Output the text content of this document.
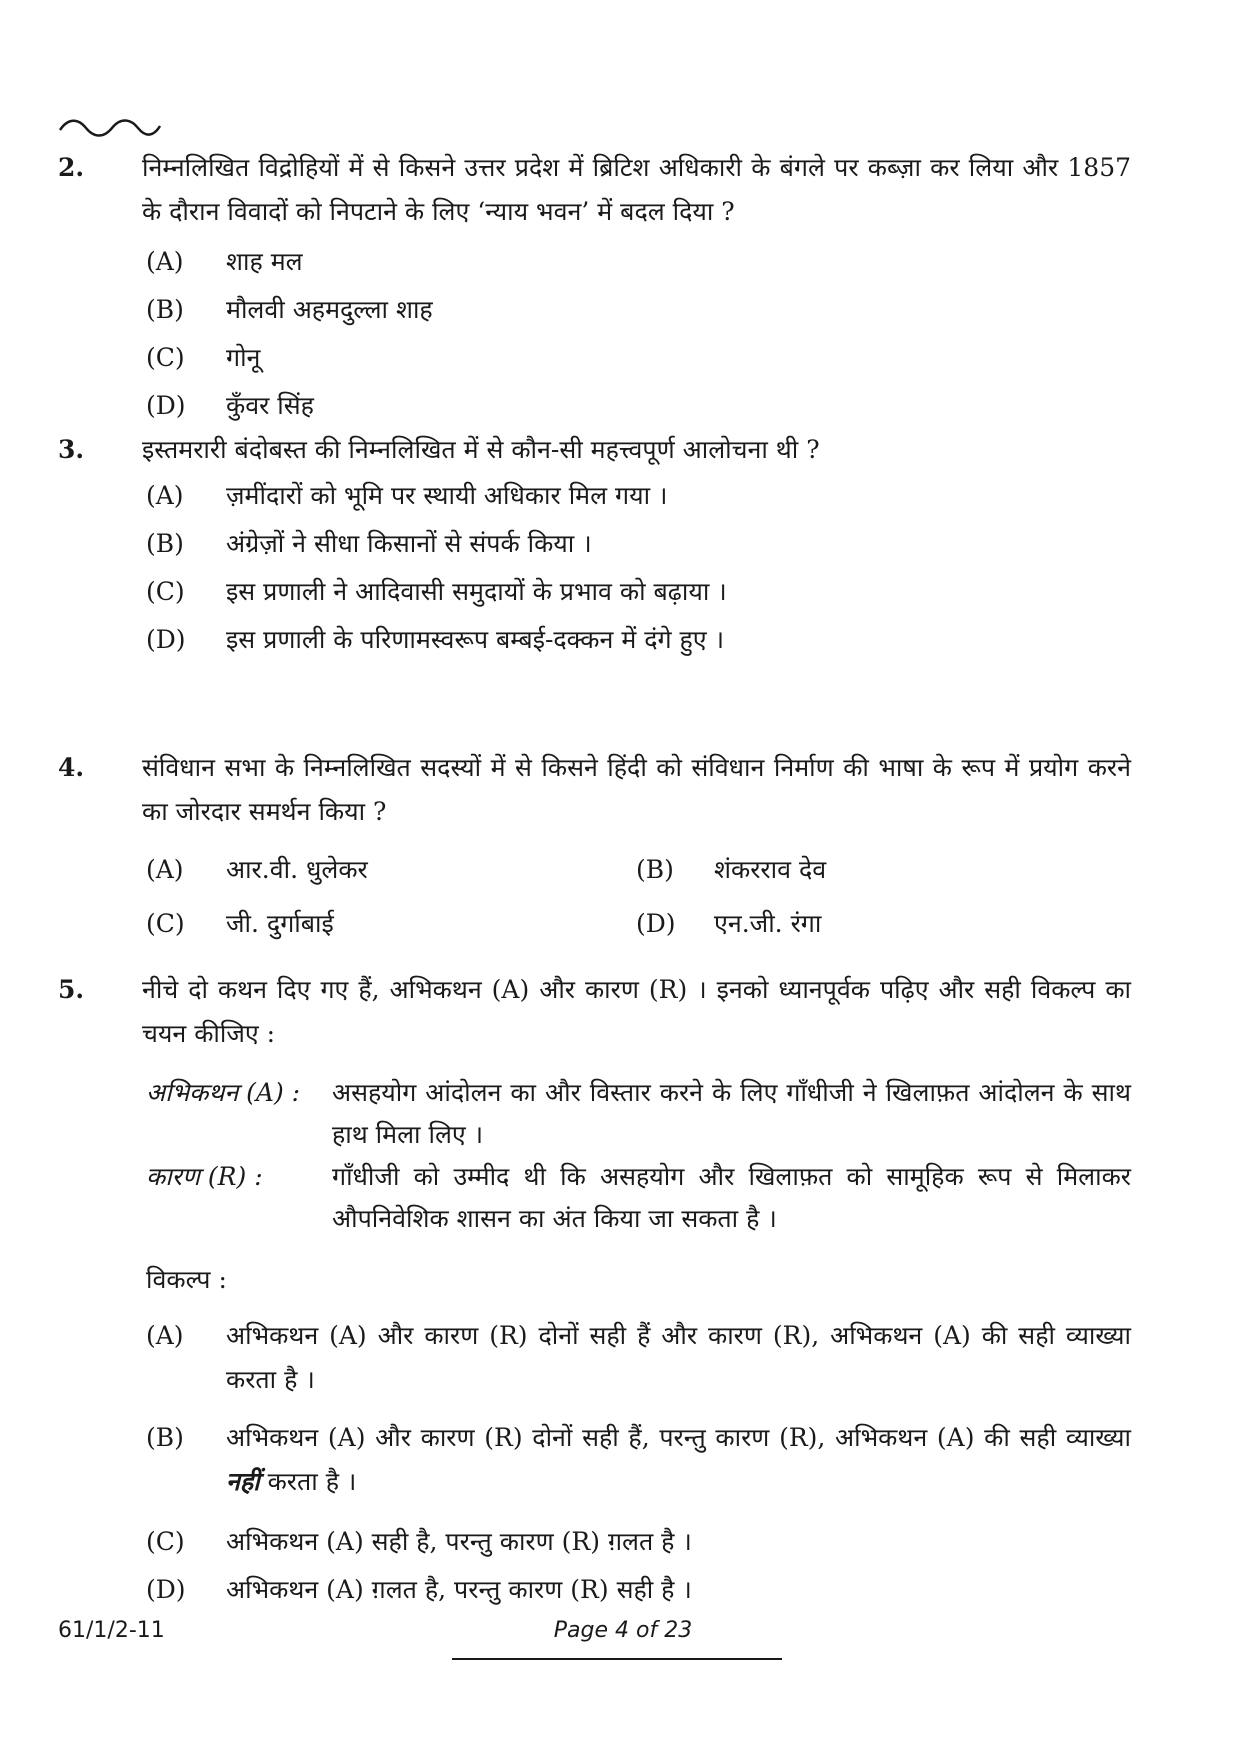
2.	निम्नलिखित विद्रोहियों में से किसने उत्तर प्रदेश में ब्रिटिश अधिकारी के बंगले पर कब्ज़ा कर लिया और 1857 के दौरान विवादों को निपटाने के लिए ‘न्याय भवन’ में बदल दिया ?
(A)	शाह मल
(B)	मौलवी अहमदुल्ला शाह
(C)	गोनू
(D)	कुँवर सिंह
3.	इस्तमरारी बंदोबस्त की निम्नलिखित में से कौन-सी महत्त्वपूर्ण आलोचना थी ?
(A)	ज़मींदारों को भूमि पर स्थायी अधिकार मिल गया ।
(B)	अंग्रेज़ों ने सीधा किसानों से संपर्क किया ।
(C)	इस प्रणाली ने आदिवासी समुदायों के प्रभाव को बढ़ाया ।
(D)	इस प्रणाली के परिणामस्वरूप बम्बई-दक्कन में दंगे हुए ।
4.	संविधान सभा के निम्नलिखित सदस्यों में से किसने हिंदी को संविधान निर्माण की भाषा के रूप में प्रयोग करने का जोरदार समर्थन किया ?
(A) आर.वी. धुलेकर	(B) शंकरराव देव
(C) जी. दुर्गाबाई	(D) एन.जी. रंगा
5.	नीचे दो कथन दिए गए हैं, अभिकथन (A) और कारण (R) । इनको ध्यानपूर्वक पढ़िए और सही विकल्प का चयन कीजिए :
अभिकथन (A) : असहयोग आंदोलन का और विस्तार करने के लिए गाँधीजी ने खिलाफ़त आंदोलन के साथ हाथ मिला लिए ।
कारण (R) :	गाँधीजी को उम्मीद थी कि असहयोग और खिलाफ़त को सामूहिक रूप से मिलाकर औपनिवेशिक शासन का अंत किया जा सकता है ।
विकल्प :
(A)	अभिकथन (A) और कारण (R) दोनों सही हैं और कारण (R), अभिकथन (A) की सही व्याख्या करता है ।
(B)	अभिकथन (A) और कारण (R) दोनों सही हैं, परन्तु कारण (R), अभिकथन (A) की सही व्याख्या नहीं करता है ।
(C)	अभिकथन (A) सही है, परन्तु कारण (R) ग़लत है ।
(D)	अभिकथन (A) ग़लत है, परन्तु कारण (R) सही है ।
61/1/2-11	Page 4 of 23
